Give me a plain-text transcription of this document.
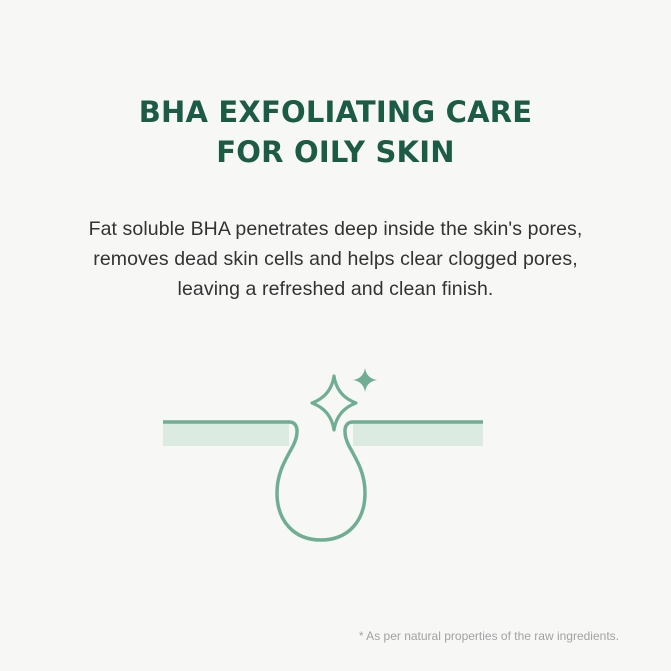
BHA EXFOLIATING CARE
FOR OILY SKIN

Fat soluble BHA penetrates deep inside the skin's pores,
removes dead skin cells and helps clear clogged pores,
leaving a refreshed and clean finish.

* As per natural properties of the raw ingredients.
